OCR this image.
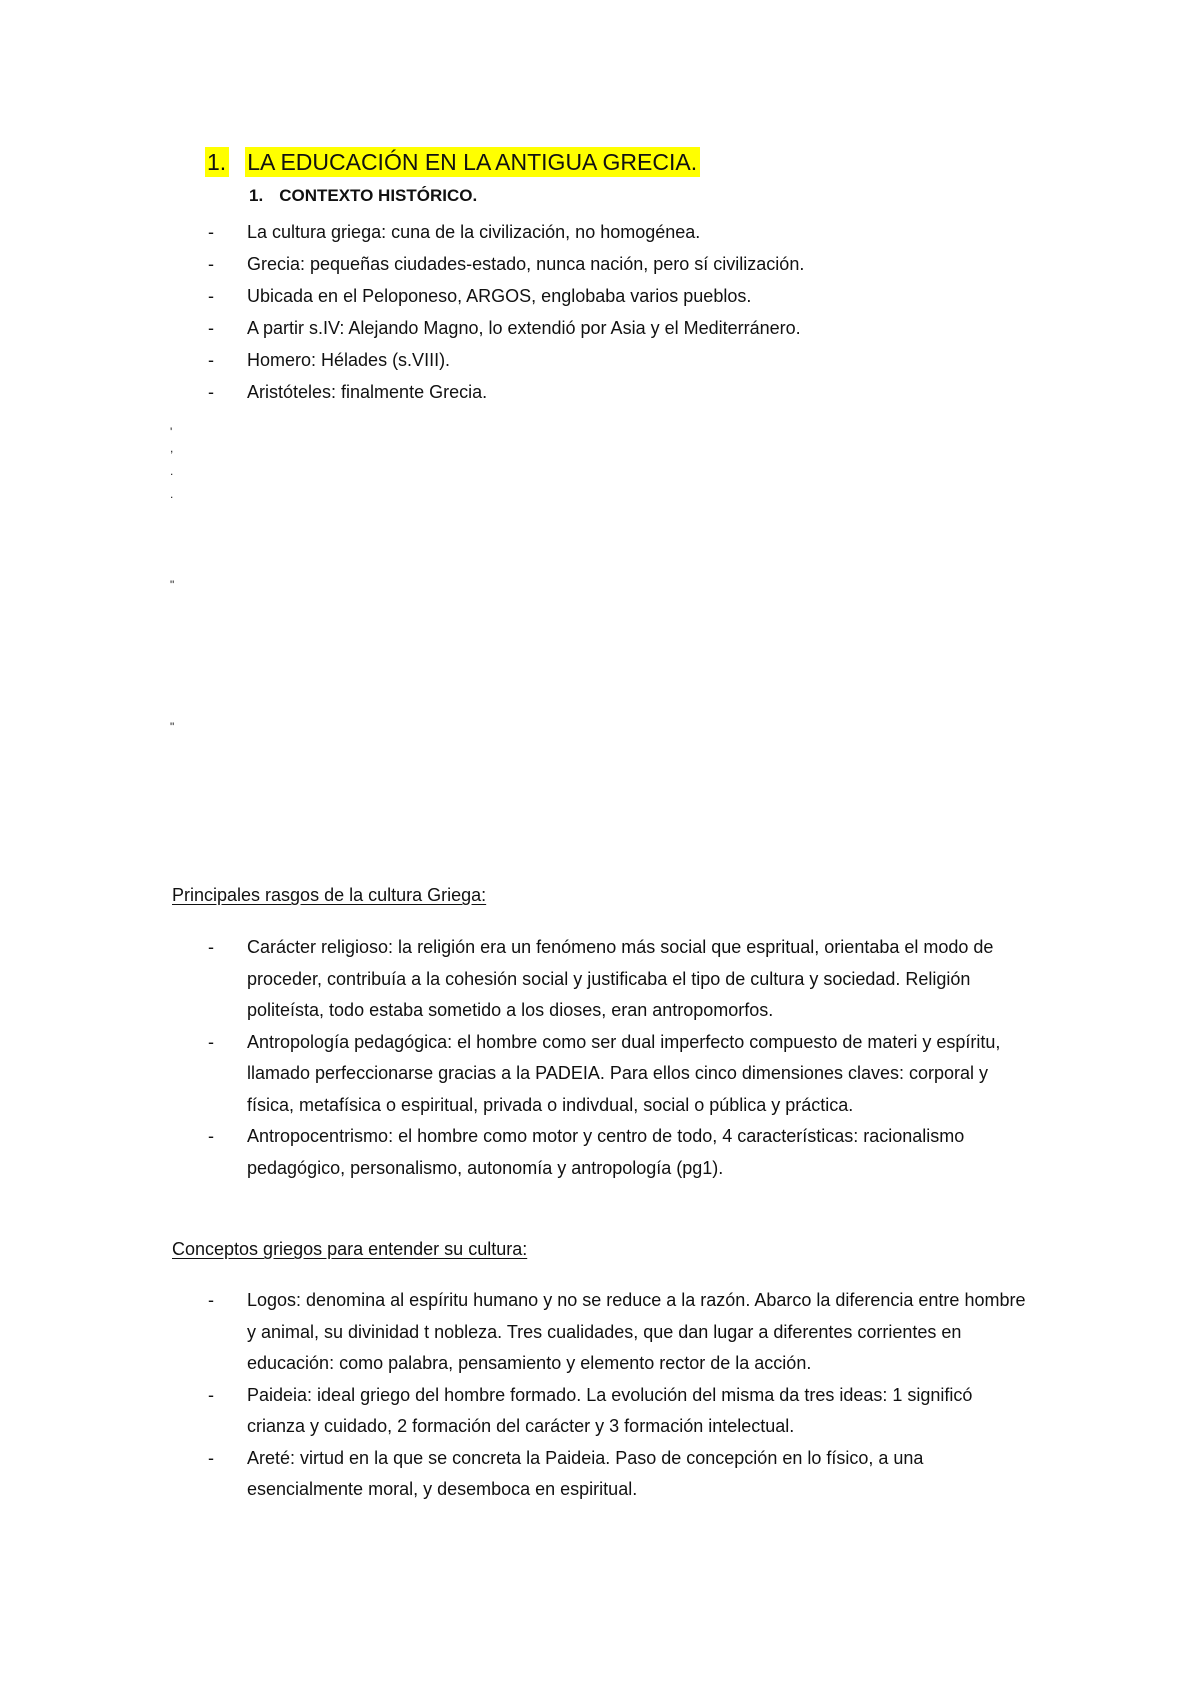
1. LA EDUCACIÓN EN LA ANTIGUA GRECIA.
1. CONTEXTO HISTÓRICO.
-	La cultura griega: cuna de la civilización, no homogénea.
-	Grecia: pequeñas ciudades-estado, nunca nación, pero sí civilización.
-	Ubicada en el Peloponeso, ARGOS, englobaba varios pueblos.
-	A partir s.IV: Alejando Magno, lo extendió por Asia y el Mediterránero.
-	Homero: Hélades (s.VIII).
-	Aristóteles: finalmente Grecia.
'
,
.
.
"
"
Principales rasgos de la cultura Griega:
-	Carácter religioso: la religión era un fenómeno más social que espritual, orientaba el modo de proceder, contribuía a la cohesión social y justificaba el tipo de cultura y sociedad. Religión politeísta, todo estaba sometido a los dioses, eran antropomorfos.
-	Antropología pedagógica: el hombre como ser dual imperfecto compuesto de materi y espíritu, llamado perfeccionarse gracias a la PADEIA. Para ellos cinco dimensiones claves: corporal y física, metafísica o espiritual, privada o indivdual, social o pública y práctica.
-	Antropocentrismo: el hombre como motor y centro de todo, 4 características: racionalismo pedagógico, personalismo, autonomía y antropología (pg1).
Conceptos griegos para entender su cultura:
-	Logos: denomina al espíritu humano y no se reduce a la razón. Abarco la diferencia entre hombre y animal, su divinidad t nobleza. Tres cualidades, que dan lugar a diferentes corrientes en educación: como palabra, pensamiento y elemento rector de la acción.
-	Paideia: ideal griego del hombre formado. La evolución del misma da tres ideas: 1 significó crianza y cuidado, 2 formación del carácter y 3 formación intelectual.
-	Areté: virtud en la que se concreta la Paideia. Paso de concepción en lo físico, a una esencialmente moral, y desemboca en espiritual.
